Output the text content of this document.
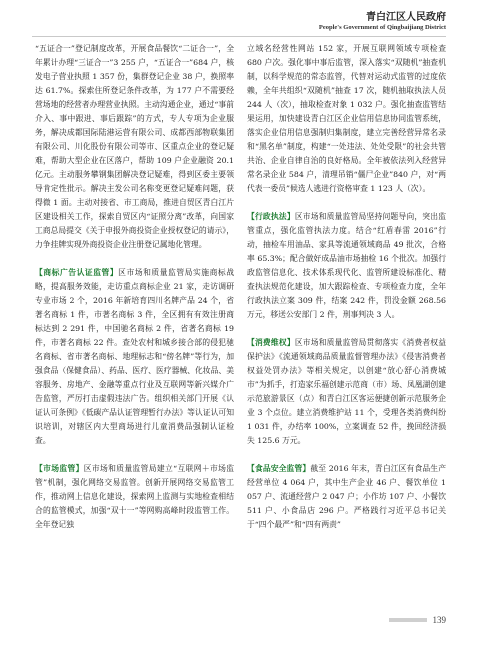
青白江区人民政府
People's Government of Qingbaijiang District

“五证合一”登记制度改革，开展食品餐饮“二证合一”，全年累计办理“三证合一”3 255 户，“五证合一”684 户，核发电子营业执照 1 357 份，集群登记企业 38 户，换照率达 61.7%。探索住所登记条件改革，为 177 户不需要经营场地的经营者办理营业执照。主动沟通企业，通过“事前介入、事中跟进、事后跟踪”的方式，专人专项为企业服务，解决成都国际陆港运营有限公司、成都西部物联集团有限公司、川化股份有限公司等市、区重点企业的登记疑难，帮助大型企业在区落户，帮助 109 户企业融资 20.1 亿元。主动服务攀钢集团解决登记疑难，得到区委主要领导肯定性批示。解决主发公司名称变更登记疑难问题，获得微 1 面。主动对接省、市工商局，推进自贸区青白江片区建设相关工作，探索自贸区内“证照分离”改革，向国家工商总局提交《关于申报外商投资企业授权登记的请示》，力争挂牌实现外商投资企业注册登记属地化管理。

【商标广告认证监管】区市场和质量监管局实施商标战略，提高服务效能，走访重点商标企业 21 家，走访调研专业市场 2 个，2016 年新培育四川名牌产品 24 个，省著名商标 1 件，市著名商标 3 件，全区拥有有效注册商标达到 2 291 件，中国驰名商标 2 件，省著名商标 19 件，市著名商标 22 件。查处农村和城乡接合部的侵犯驰名商标、省市著名商标、地理标志和“傍名牌”等行为，加强食品（保健食品）、药品、医疗、医疗器械、化妆品、美容服务、房地产、金融等重点行业及互联网等新兴媒介广告监管，严厉打击虚假违法广告。组织相关部门开展《认证认可条例》《低碳产品认证管理暂行办法》等认证认可知识培训，对辖区内大型商场进行儿童消费品强制认证检查。

【市场监管】区市场和质量监管局建立“互联网＋市场监管”机制，强化网络交易监管。创新开展网络交易监管工作，推动网上信息化建设，探索网上监测与实地检查相结合的监管模式，加强“双十一”等网购高峰时段监管工作。全年登记独

立域名经营性网站 152 家，开展互联网领域专项检查 680 户次。强化事中事后监管，深入落实“双随机”抽查机制，以科学规范的常态监管，代替对运动式监管的过度依赖，全年共组织“双随机”抽查 17 次，随机抽取执法人员 244 人（次），抽取检查对象 1 032 户。强化抽查监管结果运用，加快建设青白江区企业信用信息协同监管系统，落实企业信用信息强制归集制度，建立完善经营异常名录和“黑名单”制度，构建“一处违法、处处受限”的社会共管共治、企业自律自治的良好格局。全年被依法列入经营异常名录企业 584 户，清理吊销“僵尸企业”840 户，对“两代表一委员”候选人逃进行资格审查 1 123 人（次）。

【行政执法】区市场和质量监管局坚持问题导向，突出监管重点，强化监管执法力度。结合“红盾春雷 2016”行动，抽检车用油品、家具等流通领域商品 49 批次，合格率 65.3%；配合做好成品油市场抽检 16 个批次。加强行政监管信息化、技术体系现代化、监管所建设标准化、精查执法规范化建设，加大跟踪检查、专项检查力度，全年行政执法立案 309 件，结案 242 件，罚没金额 268.56 万元，移送公安部门 2 件，刑事判决 3 人。

【消费维权】区市场和质量监管局贯彻落实《消费者权益保护法》《流通领域商品质量监督管理办法》《侵害消费者权益处罚办法》等相关规定，以创建“放心舒心消费城市”为抓手，打造家乐福创建示范商（市）场、凤凰湖创建示范旅游景区（点）和青白江区客运便捷创新示范服务企业 3 个点位。建立消费维护站 11 个，受理各类消费纠纷 1 031 件，办结率 100%，立案调查 52 件，挽回经济损失 125.6 万元。

【食品安全监管】截至 2016 年末，青白江区有食品生产经营单位 4 064 户，其中生产企业 46 户、餐饮单位 1 057 户、流通经营户 2 047 户；小作坊 107 户、小餐饮 511 户、小食品店 296 户。严格践行习近平总书记关于“四个最严”和“四有两责”

139
